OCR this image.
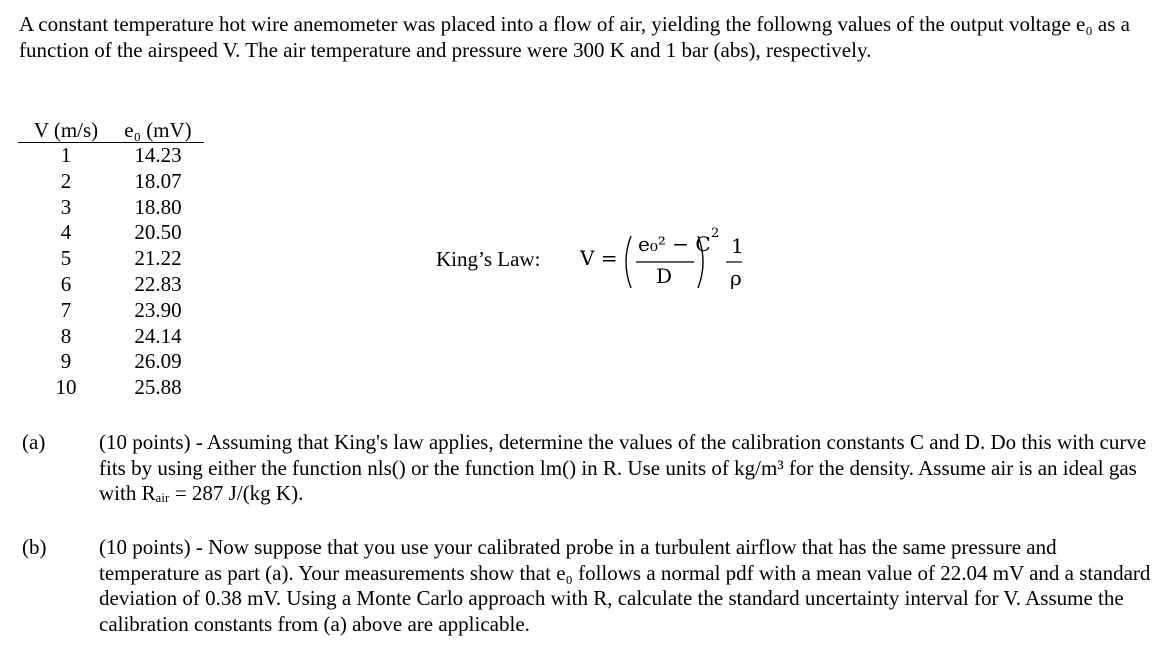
A constant temperature hot wire anemometer was placed into a flow of air, yielding the followng values of the output voltage e₀ as a function of the airspeed V. The air temperature and pressure were 300 K and 1 bar (abs), respectively.
V (m/s)	e₀ (mV)
1	14.23
2	18.07
3	18.80
4	20.50
5	21.22
6	22.83
7	23.90
8	24.14
9	26.09
10	25.88
King’s Law: V =
e₀² − C
D
2
1
ρ
(a)	(10 points) - Assuming that King's law applies, determine the values of the calibration constants C and D. Do this with curve fits by using either the function nls() or the function lm() in R. Use units of kg/m³ for the density. Assume air is an ideal gas with Rₐᵢᵣ = 287 J/(kg K).
(b)	(10 points) - Now suppose that you use your calibrated probe in a turbulent airflow that has the same pressure and temperature as part (a). Your measurements show that e₀ follows a normal pdf with a mean value of 22.04 mV and a standard deviation of 0.38 mV. Using a Monte Carlo approach with R, calculate the standard uncertainty interval for V. Assume the calibration constants from (a) above are applicable.
